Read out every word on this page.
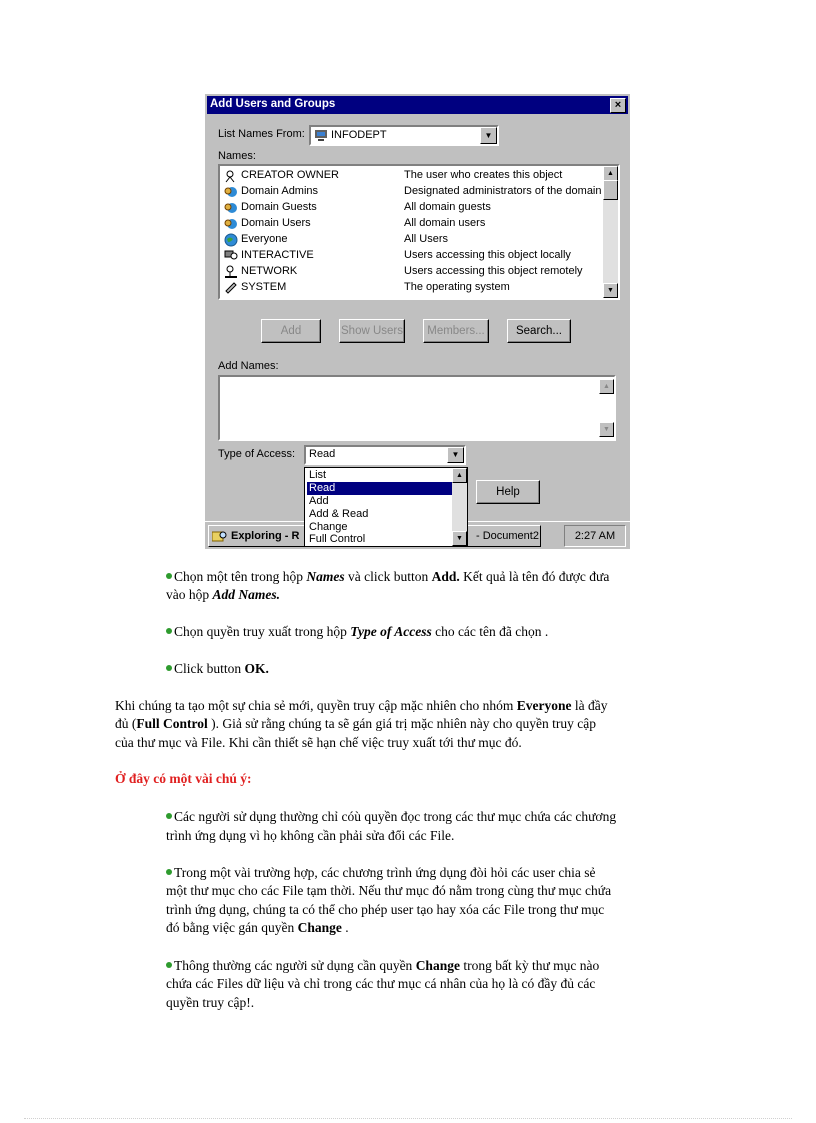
Add Users and Groups	×
List Names From: INFODEPT	▼
Names:
CREATOR OWNER	The user who creates this object
Domain Admins	Designated administrators of the domain
Domain Guests	All domain guests
Domain Users	All domain users
Everyone	All Users
INTERACTIVE	Users accessing this object locally
NETWORK	Users accessing this object remotely
SYSTEM	The operating system
▲
▼
Add	Show Users	Members...	Search...
Add Names:
▲
▼
Type of Access: Read	▼
Help
Exploring - R	- Document2	2:27 AM
List
Read
Add
Add & Read
Change
Full Control
▲
▼
Chọn một tên trong hộp Names và click button Add. Kết quả là tên đó được đưa
vào hộp Add Names.
Chọn quyền truy xuất trong hộp Type of Access cho các tên đã chọn .
Click button OK.
Khi chúng ta tạo một sự chia sẻ mới, quyền truy cập mặc nhiên cho nhóm Everyone là đầy
đủ (Full Control ). Giả sử rằng chúng ta sẽ gán giá trị mặc nhiên này cho quyền truy cập
của thư mục và File. Khi cần thiết sẽ hạn chế việc truy xuất tới thư mục đó.
Ở đây có một vài chú ý:
Các người sử dụng thường chỉ cóù quyền đọc trong các thư mục chứa các chương
trình ứng dụng vì họ không cần phải sửa đổi các File.
Trong một vài trường hợp, các chương trình ứng dụng đòi hỏi các user chia sẻ
một thư mục cho các File tạm thời. Nếu thư mục đó nằm trong cùng thư mục chứa
trình ứng dụng, chúng ta có thể cho phép user tạo hay xóa các File trong thư mục
đó bằng việc gán quyền Change .
Thông thường các người sử dụng cần quyền Change trong bất kỳ thư mục nào
chứa các Files dữ liệu và chỉ trong các thư mục cá nhân của họ là có đầy đủ các
quyền truy cập!.
